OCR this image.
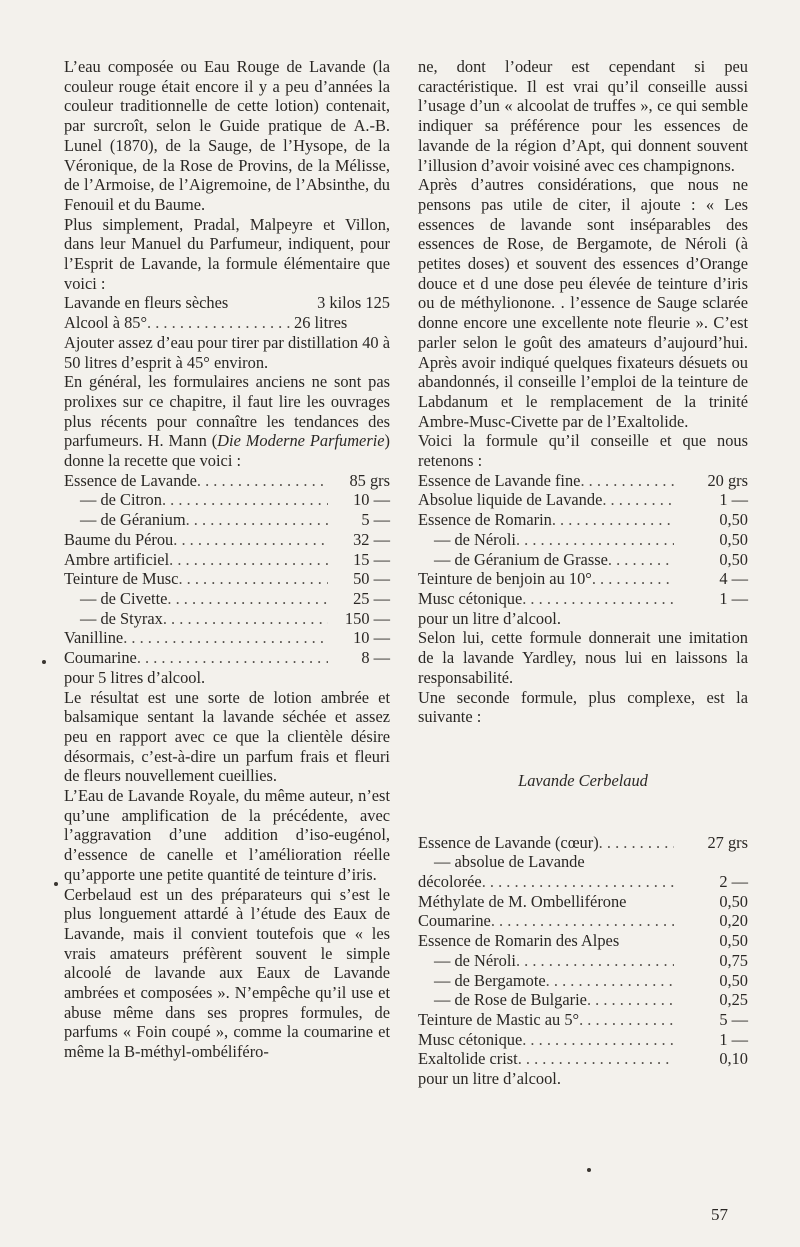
L’eau composée ou Eau Rouge de Lavande (la couleur rouge était encore il y a peu d’années la couleur traditionnelle de cette lotion) contenait, par surcroît, selon le Guide pratique de A.-B. Lunel (1870), de la Sauge, de l’Hysope, de la Véronique, de la Rose de Provins, de la Mélisse, de l’Armoise, de l’Aigremoine, de l’Absinthe, du Fenouil et du Baume.

Plus simplement, Pradal, Malpeyre et Villon, dans leur Manuel du Parfumeur, indiquent, pour l’Esprit de Lavande, la formule élémentaire que voici :

Lavande en fleurs sèches	3 kilos 125
Alcool à 85° . . .	26 litres

Ajouter assez d’eau pour tirer par distillation 40 à 50 litres d’esprit à 45° environ.

En général, les formulaires anciens ne sont pas prolixes sur ce chapitre, il faut lire les ouvrages plus récents pour connaître les tendances des parfumeurs. H. Mann (Die Moderne Parfumerie) donne la recette que voici :

Essence de Lavande . . .	85 grs
— de Citron . . .	10 —
— de Géranium . . .	5 —
Baume du Pérou . . .	32 —
Ambre artificiel . . .	15 —
Teinture de Musc . . .	50 —
— de Civette . . .	25 —
— de Styrax . . .	150 —
Vanilline . . .	10 —
Coumarine . . .	8 —

pour 5 litres d’alcool.

Le résultat est une sorte de lotion ambrée et balsamique sentant la lavande séchée et assez peu en rapport avec ce que la clientèle désire désormais, c’est-à-dire un parfum frais et fleuri de fleurs nouvellement cueillies.

L’Eau de Lavande Royale, du même auteur, n’est qu’une amplification de la précédente, avec l’aggravation d’une addition d’iso-eugénol, d’essence de canelle et l’amélioration réelle qu’apporte une petite quantité de teinture d’iris.

Cerbelaud est un des préparateurs qui s’est le plus longuement attardé à l’étude des Eaux de Lavande, mais il convient toutefois que « les vrais amateurs préfèrent souvent le simple alcoolé de lavande aux Eaux de Lavande ambrées et composées ». N’empêche qu’il use et abuse même dans ses propres formules, de parfums « Foin coupé », comme la coumarine et même la B-méthyl-ombéliféro-

ne, dont l’odeur est cependant si peu caractéristique. Il est vrai qu’il conseille aussi l’usage d’un « alcoolat de truffes », ce qui semble indiquer sa préférence pour les essences de lavande de la région d’Apt, qui donnent souvent l’illusion d’avoir voisiné avec ces champignons.

Après d’autres considérations, que nous ne pensons pas utile de citer, il ajoute : « Les essences de lavande sont inséparables des essences de Rose, de Bergamote, de Néroli (à petites doses) et souvent des essences d’Orange douce et d une dose peu élevée de teinture d’iris ou de méthylionone. . l’essence de Sauge sclarée donne encore une excellente note fleurie ». C’est parler selon le goût des amateurs d’aujourd’hui. Après avoir indiqué quelques fixateurs désuets ou abandonnés, il conseille l’emploi de la teinture de Labdanum et le remplacement de la trinité Ambre-Musc-Civette par de l’Exaltolide.

Voici la formule qu’il conseille et que nous retenons :

Essence de Lavande fine . . .	20 grs
Absolue liquide de Lavande . . .	1 —
Essence de Romarin . . .	0,50
— de Néroli . . .	0,50
— de Géranium de Grasse . . .	0,50
Teinture de benjoin au 10° . . .	4 —
Musc cétonique . . .	1 —

pour un litre d’alcool.

Selon lui, cette formule donnerait une imitation de la lavande Yardley, nous lui en laissons la responsabilité.

Une seconde formule, plus complexe, est la suivante :

Lavande Cerbelaud
Essence de Lavande (cœur) . . .	27 grs
— absolue de Lavande
décolorée . . .	2 —
Méthylate de M. Ombelliférone	0,50
Coumarine . . .	0,20
Essence de Romarin des Alpes	0,50
— de Néroli . . .	0,75
— de Bergamote . . .	0,50
— de Rose de Bulgarie . . .	0,25
Teinture de Mastic au 5° . . .	5 —
Musc cétonique . . .	1 —
Exaltolide crist . . .	0,10

pour un litre d’alcool.

57
